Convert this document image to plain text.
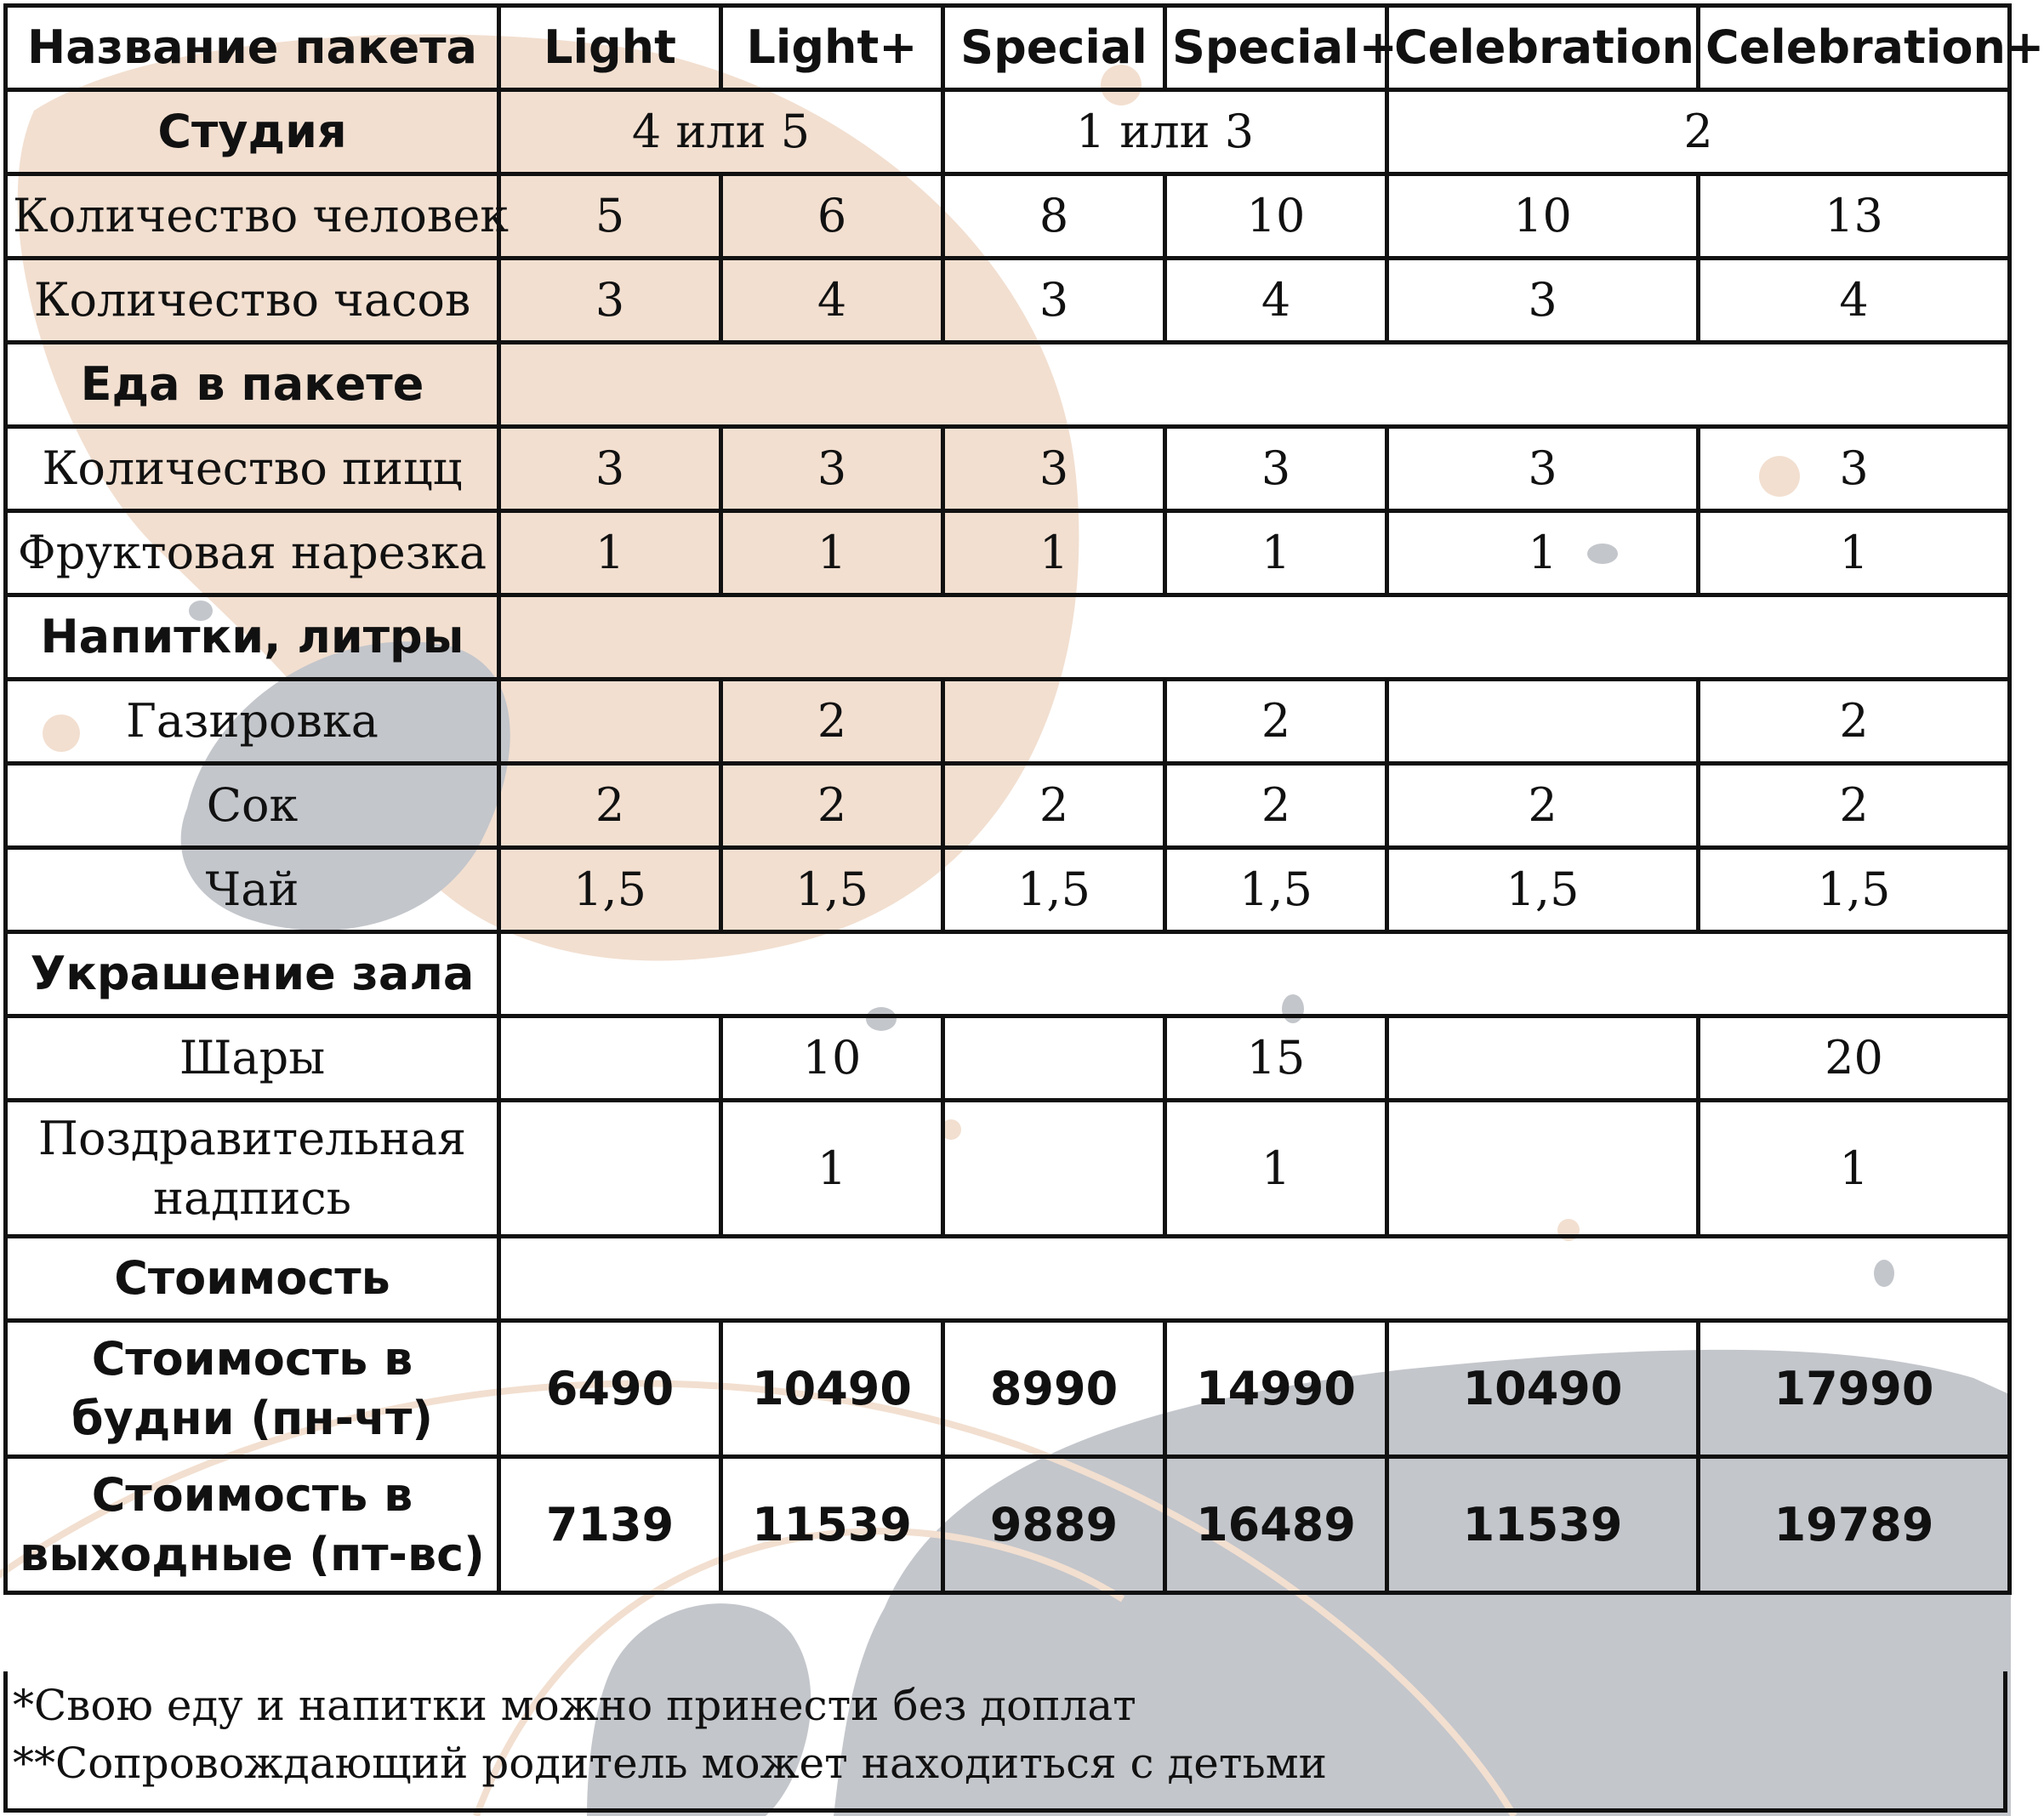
Название пакета	Light	Light+	Special	Special+	Celebration	Celebration+
Студия	4 или 5		1 или 3		2	
Количество человек	5	6	8	10	10	13
Количество часов	3	4	3	4	3	4
Еда в пакете						
Количество пицц	3	3	3	3	3	3
Фруктовая нарезка	1	1	1	1	1	1
Напитки, литры						
Газировка		2		2		2
Сок	2	2	2	2	2	2
Чай	1,5	1,5	1,5	1,5	1,5	1,5
Украшение зала						
Шары		10		15		20
Поздравительная надпись		1		1		1
Стоимость						
Стоимость в будни (пн-чт)	6490	10490	8990	14990	10490	17990
Стоимость в выходные (пт-вс)	7139	11539	9889	16489	11539	19789
*Свою еду и напитки можно принести без доплат
**Сопровождающий родитель может находиться с детьми
